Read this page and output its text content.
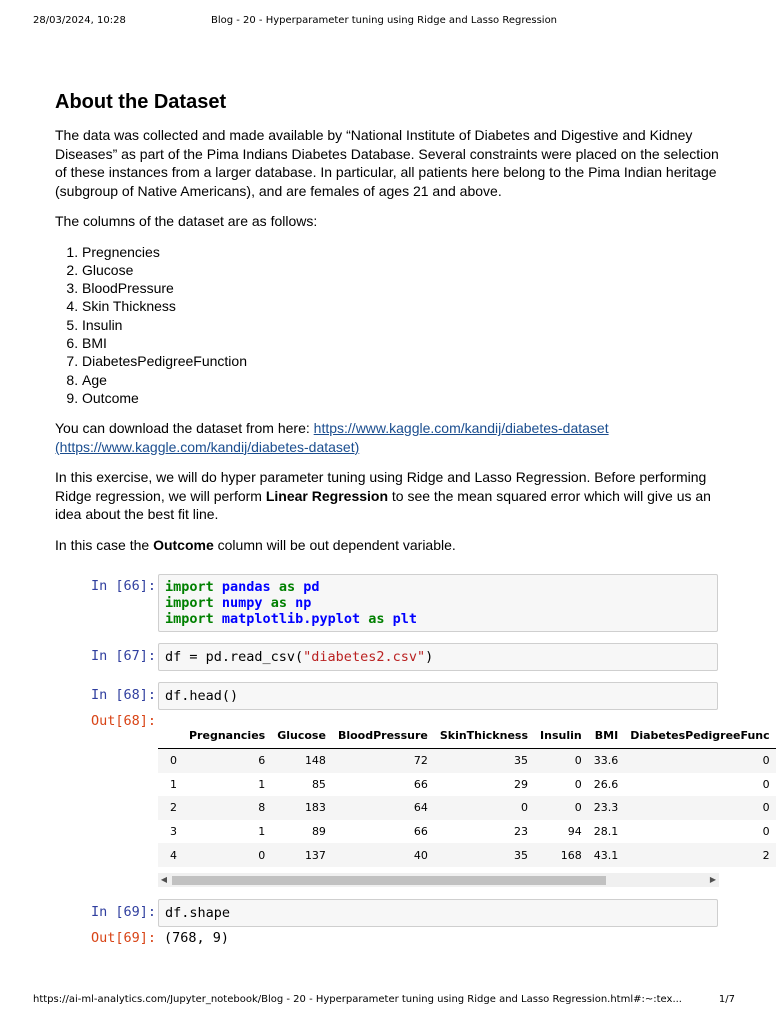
28/03/2024, 10:28	Blog - 20 - Hyperparameter tuning using Ridge and Lasso Regression
About the Dataset

The data was collected and made available by “National Institute of Diabetes and Digestive and Kidney Diseases” as part of the Pima Indians Diabetes Database. Several constraints were placed on the selection of these instances from a larger database. In particular, all patients here belong to the Pima Indian heritage (subgroup of Native Americans), and are females of ages 21 and above.

The columns of the dataset are as follows:

1. Pregnencies
2. Glucose
3. BloodPressure
4. Skin Thickness
5. Insulin
6. BMI
7. DiabetesPedigreeFunction
8. Age
9. Outcome

You can download the dataset from here: https://www.kaggle.com/kandij/diabetes-dataset
(https://www.kaggle.com/kandij/diabetes-dataset)

In this exercise, we will do hyper parameter tuning using Ridge and Lasso Regression. Before performing Ridge regression, we will perform Linear Regression to see the mean squared error which will give us an idea about the best fit line.

In this case the Outcome column will be out dependent variable.

In [66]: import pandas as pd
import numpy as np
import matplotlib.pyplot as plt
In [67]: df = pd.read_csv("diabetes2.csv")
In [68]: df.head()
Out[68]:
	Pregnancies	Glucose	BloodPressure	SkinThickness	Insulin	BMI	DiabetesPedigreeFunc
0	6	148	72	35	0	33.6	0
1	1	85	66	29	0	26.6	0
2	8	183	64	0	0	23.3	0
3	1	89	66	23	94	28.1	0
4	0	137	40	35	168	43.1	2
◀	▶
In [69]: df.shape
Out[69]: (768, 9)
https://ai-ml-analytics.com/Jupyter_notebook/Blog - 20 - Hyperparameter tuning using Ridge and Lasso Regression.html#:~:tex...	1/7
